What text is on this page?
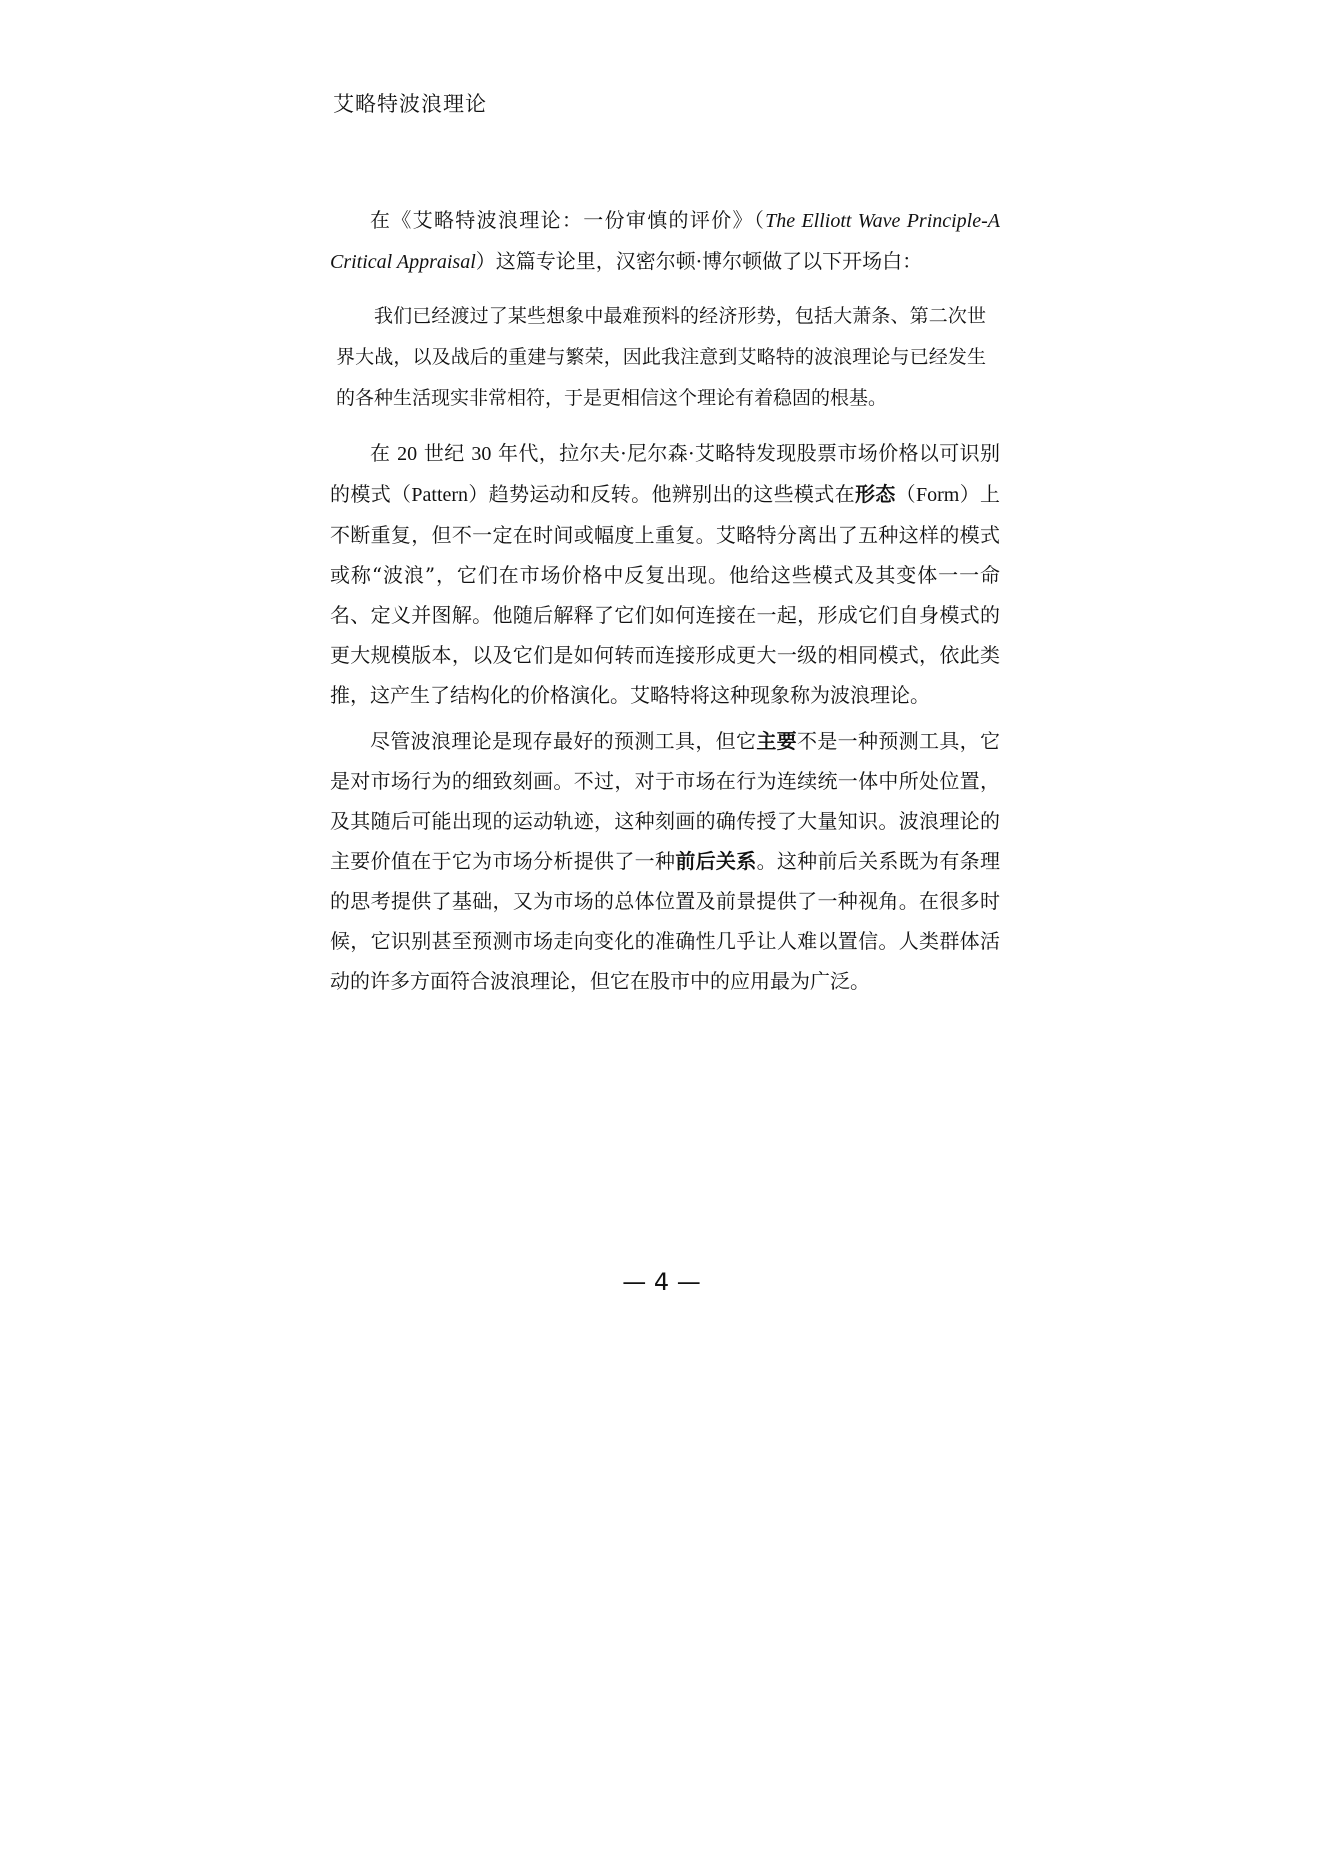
艾略特波浪理论

在《艾略特波浪理论：一份审慎的评价》（The Elliott Wave Principle-A Critical Appraisal）这篇专论里，汉密尔顿·博尔顿做了以下开场白：

我们已经渡过了某些想象中最难预料的经济形势，包括大萧条、第二次世界大战，以及战后的重建与繁荣，因此我注意到艾略特的波浪理论与已经发生的各种生活现实非常相符，于是更相信这个理论有着稳固的根基。

在 20 世纪 30 年代，拉尔夫·尼尔森·艾略特发现股票市场价格以可识别的模式（Pattern）趋势运动和反转。他辨别出的这些模式在形态（Form）上不断重复，但不一定在时间或幅度上重复。艾略特分离出了五种这样的模式或称“波浪”，它们在市场价格中反复出现。他给这些模式及其变体一一命名、定义并图解。他随后解释了它们如何连接在一起，形成它们自身模式的更大规模版本，以及它们是如何转而连接形成更大一级的相同模式，依此类推，这产生了结构化的价格演化。艾略特将这种现象称为波浪理论。

尽管波浪理论是现存最好的预测工具，但它主要不是一种预测工具，它是对市场行为的细致刻画。不过，对于市场在行为连续统一体中所处位置，及其随后可能出现的运动轨迹，这种刻画的确传授了大量知识。波浪理论的主要价值在于它为市场分析提供了一种前后关系。这种前后关系既为有条理的思考提供了基础，又为市场的总体位置及前景提供了一种视角。在很多时候，它识别甚至预测市场走向变化的准确性几乎让人难以置信。人类群体活动的许多方面符合波浪理论，但它在股市中的应用最为广泛。

— 4 —
